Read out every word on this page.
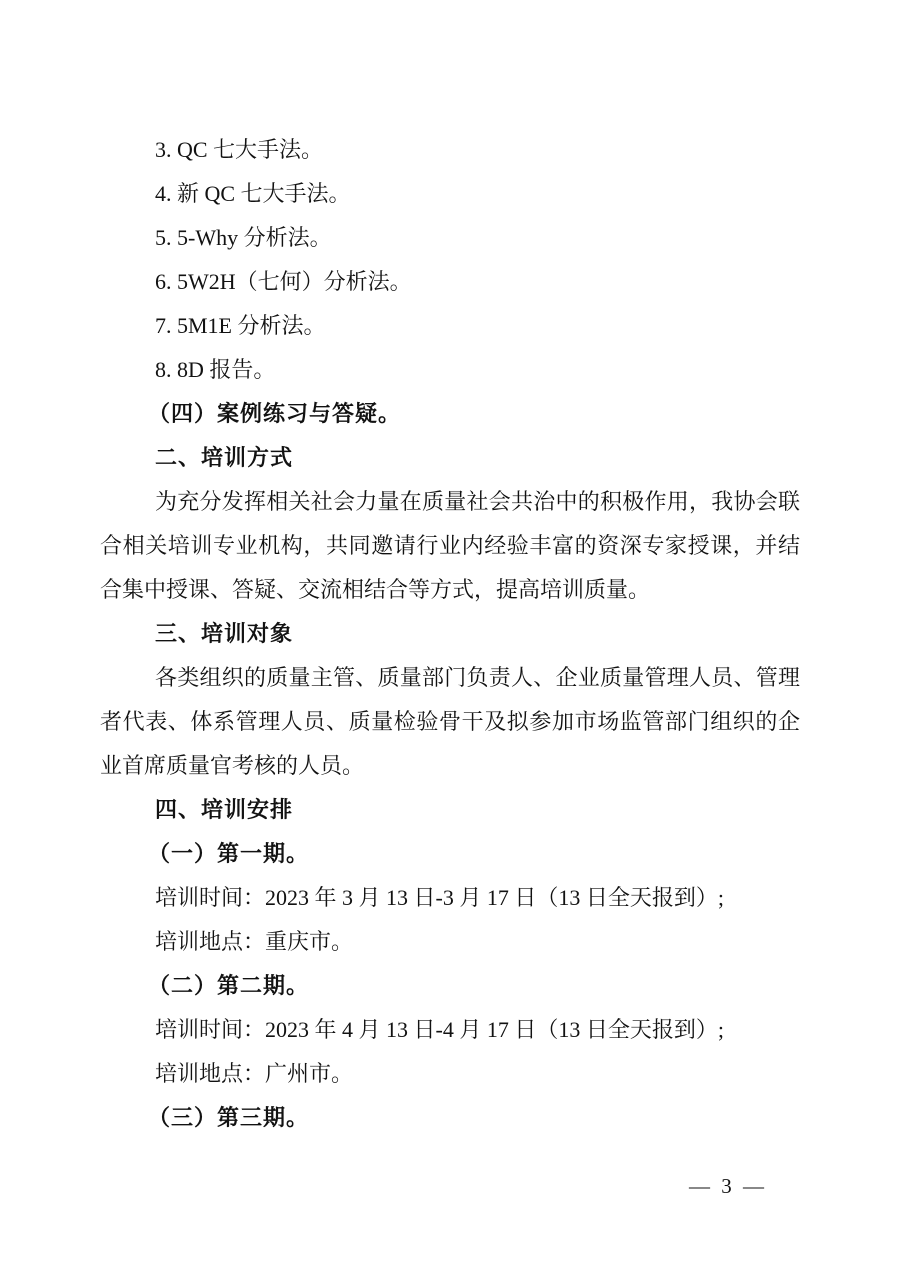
3. QC 七大手法。
4. 新 QC 七大手法。
5. 5-Why 分析法。
6. 5W2H（七何）分析法。
7. 5M1E 分析法。
8. 8D 报告。
（四）案例练习与答疑。
二、培训方式

为充分发挥相关社会力量在质量社会共治中的积极作用，我协会联合相关培训专业机构，共同邀请行业内经验丰富的资深专家授课，并结合集中授课、答疑、交流相结合等方式，提高培训质量。

三、培训对象

各类组织的质量主管、质量部门负责人、企业质量管理人员、管理者代表、体系管理人员、质量检验骨干及拟参加市场监管部门组织的企业首席质量官考核的人员。

四、培训安排
（一）第一期。
培训时间：2023 年 3 月 13 日-3 月 17 日（13 日全天报到）;
培训地点：重庆市。
（二）第二期。
培训时间：2023 年 4 月 13 日-4 月 17 日（13 日全天报到）;
培训地点：广州市。
（三）第三期。
— 3 —
